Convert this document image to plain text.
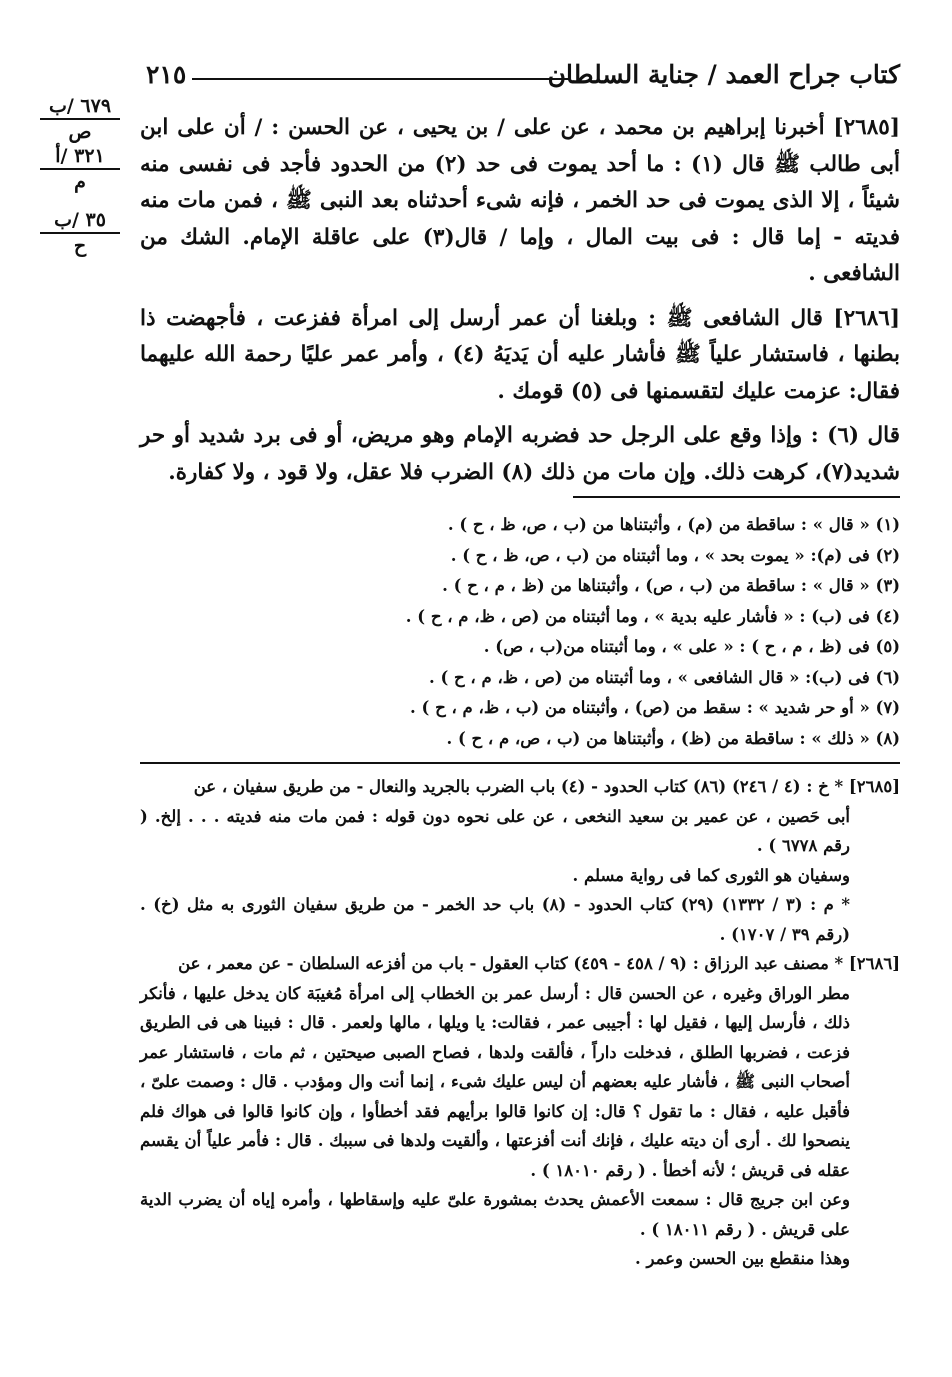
٢١٥	كتاب جراح العمد / جناية السلطان
٦٧٩ /ب
ص
٣٢١ /أ
م
٣٥ /ب
ح

[٢٦٨٥] أخبرنا إبراهيم بن محمد ، عن على / بن يحيى ، عن الحسن : / أن على ابن أبى طالب ﷺ قال (١) : ما أحد يموت فى حد (٢) من الحدود فأجد فى نفسى منه شيئاً ، إلا الذى يموت فى حد الخمر ، فإنه شىء أحدثناه بعد النبى ﷺ ، فمن مات منه فديته - إما قال : فى بيت المال ، وإما / قال(٣) على عاقلة الإمام. الشك من الشافعى .

[٢٦٨٦] قال الشافعى ﷺ : وبلغنا أن عمر أرسل إلى امرأة ففزعت ، فأجهضت ذا بطنها ، فاستشار علياً ﷺ فأشار عليه أن يَديَهُ (٤) ، وأمر عمر عليًا رحمة الله عليهما فقال: عزمت عليك لتقسمنها فى (٥) قومك .

قال (٦) : وإذا وقع على الرجل حد فضربه الإمام وهو مريض، أو فى برد شديد أو حر شديد(٧)، كرهت ذلك. وإن مات من ذلك (٨) الضرب فلا عقل، ولا قود ، ولا كفارة.

(١) « قال » : ساقطة من (م) ، وأثبتناها من (ب ، ص، ظ ، ح ) .
(٢) فى (م): « يموت بحد » ، وما أثبتناه من (ب ، ص، ظ ، ح ) .
(٣) « قال » : ساقطة من (ب ، ص) ، وأثبتناها من (ظ ، م ، ح ) .
(٤) فى (ب) : « فأشار عليه بدية » ، وما أثبتناه من (ص ، ظ، م ، ح ) .
(٥) فى (ظ ، م ، ح ) : « على » ، وما أثبتناه من(ب ، ص) .
(٦) فى (ب): « قال الشافعى » ، وما أثبتناه من (ص ، ظ، م ، ح ) .
(٧) « أو حر شديد » : سقط من (ص) ، وأثبتناه من (ب ، ظ، م ، ح ) .
(٨) « ذلك » : ساقطة من (ظ) ، وأثبتناها من (ب ، ص، م ، ح ) .

[٢٦٨٥] * خ : (٤ / ٢٤٦) (٨٦) كتاب الحدود - (٤) باب الضرب بالجريد والنعال - من طريق سفيان ، عن

أبى حَصين ، عن عمير بن سعيد النخعى ، عن على نحوه دون قوله : فمن مات منه فديته . . . إلخ. ( رقم ٦٧٧٨ ) .

وسفيان هو الثورى كما فى رواية مسلم .

* م : (٣ / ١٣٣٢) (٢٩) كتاب الحدود - (٨) باب حد الخمر - من طريق سفيان الثورى به مثل (خ) . (رقم ٣٩ / ١٧٠٧) .

[٢٦٨٦] * مصنف عبد الرزاق : (٩ / ٤٥٨ - ٤٥٩) كتاب العقول - باب من أفزعه السلطان - عن معمر ، عن

مطر الوراق وغيره ، عن الحسن قال : أرسل عمر بن الخطاب إلى امرأة مُغيبَة كان يدخل عليها ، فأنكر ذلك ، فأرسل إليها ، فقيل لها : أجيبى عمر ، فقالت: يا ويلها ، مالها ولعمر . قال : فبينا هى فى الطريق فزعت ، فضربها الطلق ، فدخلت داراً ، فألقت ولدها ، فصاح الصبى صيحتين ، ثم مات ، فاستشار عمر أصحاب النبى ﷺ ، فأشار عليه بعضهم أن ليس عليك شىء ، إنما أنت وال ومؤدب . قال : وصمت علىّ ، فأقبل عليه ، فقال : ما تقول ؟ قال: إن كانوا قالوا برأيهم فقد أخطأوا ، وإن كانوا قالوا فى هواك فلم ينصحوا لك . أرى أن ديته عليك ، فإنك أنت أفزعتها ، وألقيت ولدها فى سببك . قال : فأمر علياً أن يقسم عقله فى قريش ؛ لأنه أخطأ . ( رقم ١٨٠١٠ ) .

وعن ابن جريج قال : سمعت الأعمش يحدث بمشورة علىّ عليه وإسقاطها ، وأمره إياه أن يضرب الدية على قريش . ( رقم ١٨٠١١ ) .

وهذا منقطع بين الحسن وعمر .
